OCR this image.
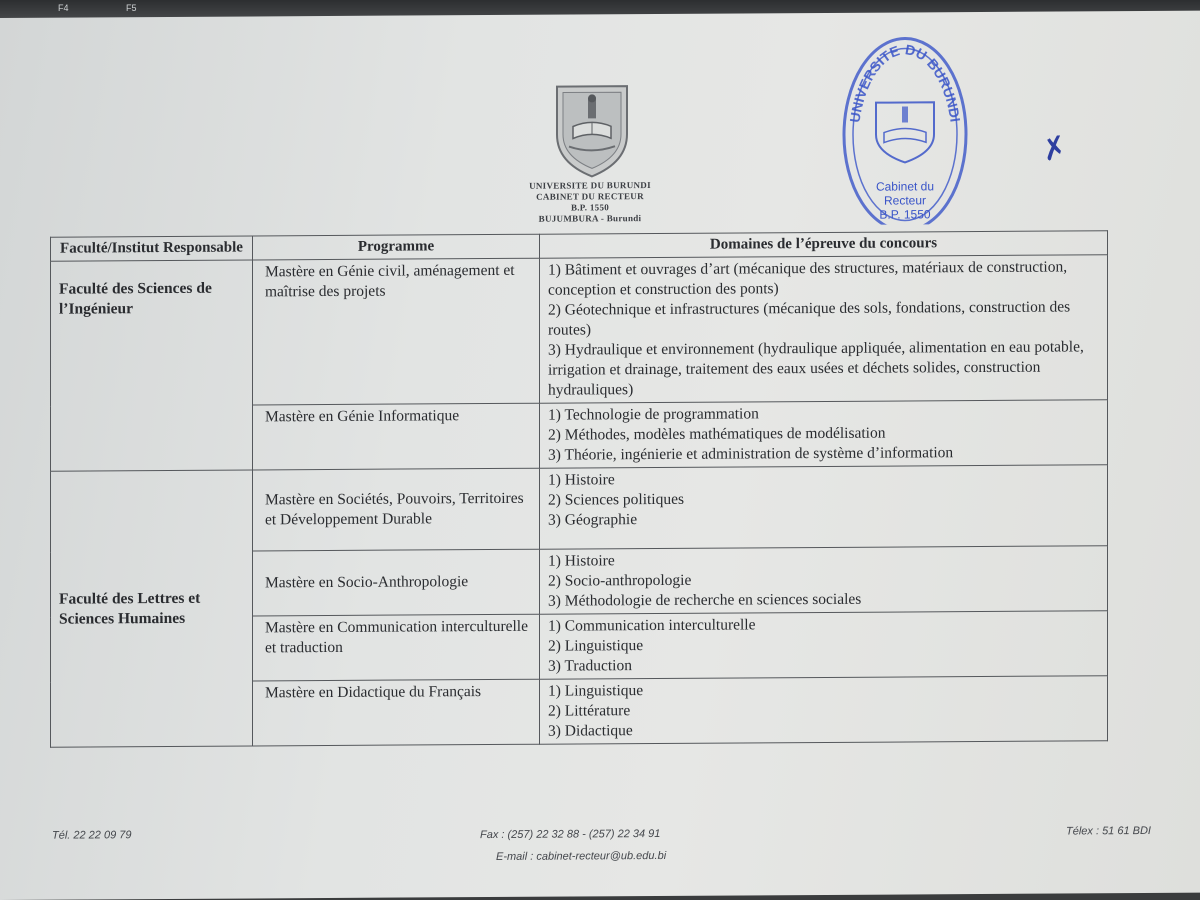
F4	F5
UNIVERSITE DU BURUNDI
CABINET DU RECTEUR
B.P. 1550
BUJUMBURA - Burundi
UNIVERSITE DU BURUNDI
Cabinet du
Recteur
B.P. 1550
✗
Faculté/Institut Responsable	Programme	Domaines de l’épreuve du concours
Faculté des Sciences de l’Ingénieur	Mastère en Génie civil, aménagement et maîtrise des projets	1) Bâtiment et ouvrages d’art (mécanique des structures, matériaux de construction, conception et construction des ponts)
2) Géotechnique et infrastructures (mécanique des sols, fondations, construction des routes)
3) Hydraulique et environnement (hydraulique appliquée, alimentation en eau potable, irrigation et drainage, traitement des eaux usées et déchets solides, construction hydrauliques)

	Mastère en Génie Informatique	1) Technologie de programmation
2) Méthodes, modèles mathématiques de modélisation
3) Théorie, ingénierie et administration de système d’information

Faculté des Lettres et Sciences Humaines	Mastère en Sociétés, Pouvoirs, Territoires et Développement Durable	1) Histoire
2) Sciences politiques
3) Géographie

	Mastère en Socio-Anthropologie	1) Histoire
2) Socio-anthropologie
3) Méthodologie de recherche en sciences sociales

	Mastère en Communication interculturelle et traduction	1) Communication interculturelle
2) Linguistique
3) Traduction

	Mastère en Didactique du Français	1) Linguistique
2) Littérature
3) Didactique
Tél. 22 22 09 79	Fax : (257) 22 32 88 - (257) 22 34 91	Télex : 51 61 BDI
E-mail : cabinet-recteur@ub.edu.bi
